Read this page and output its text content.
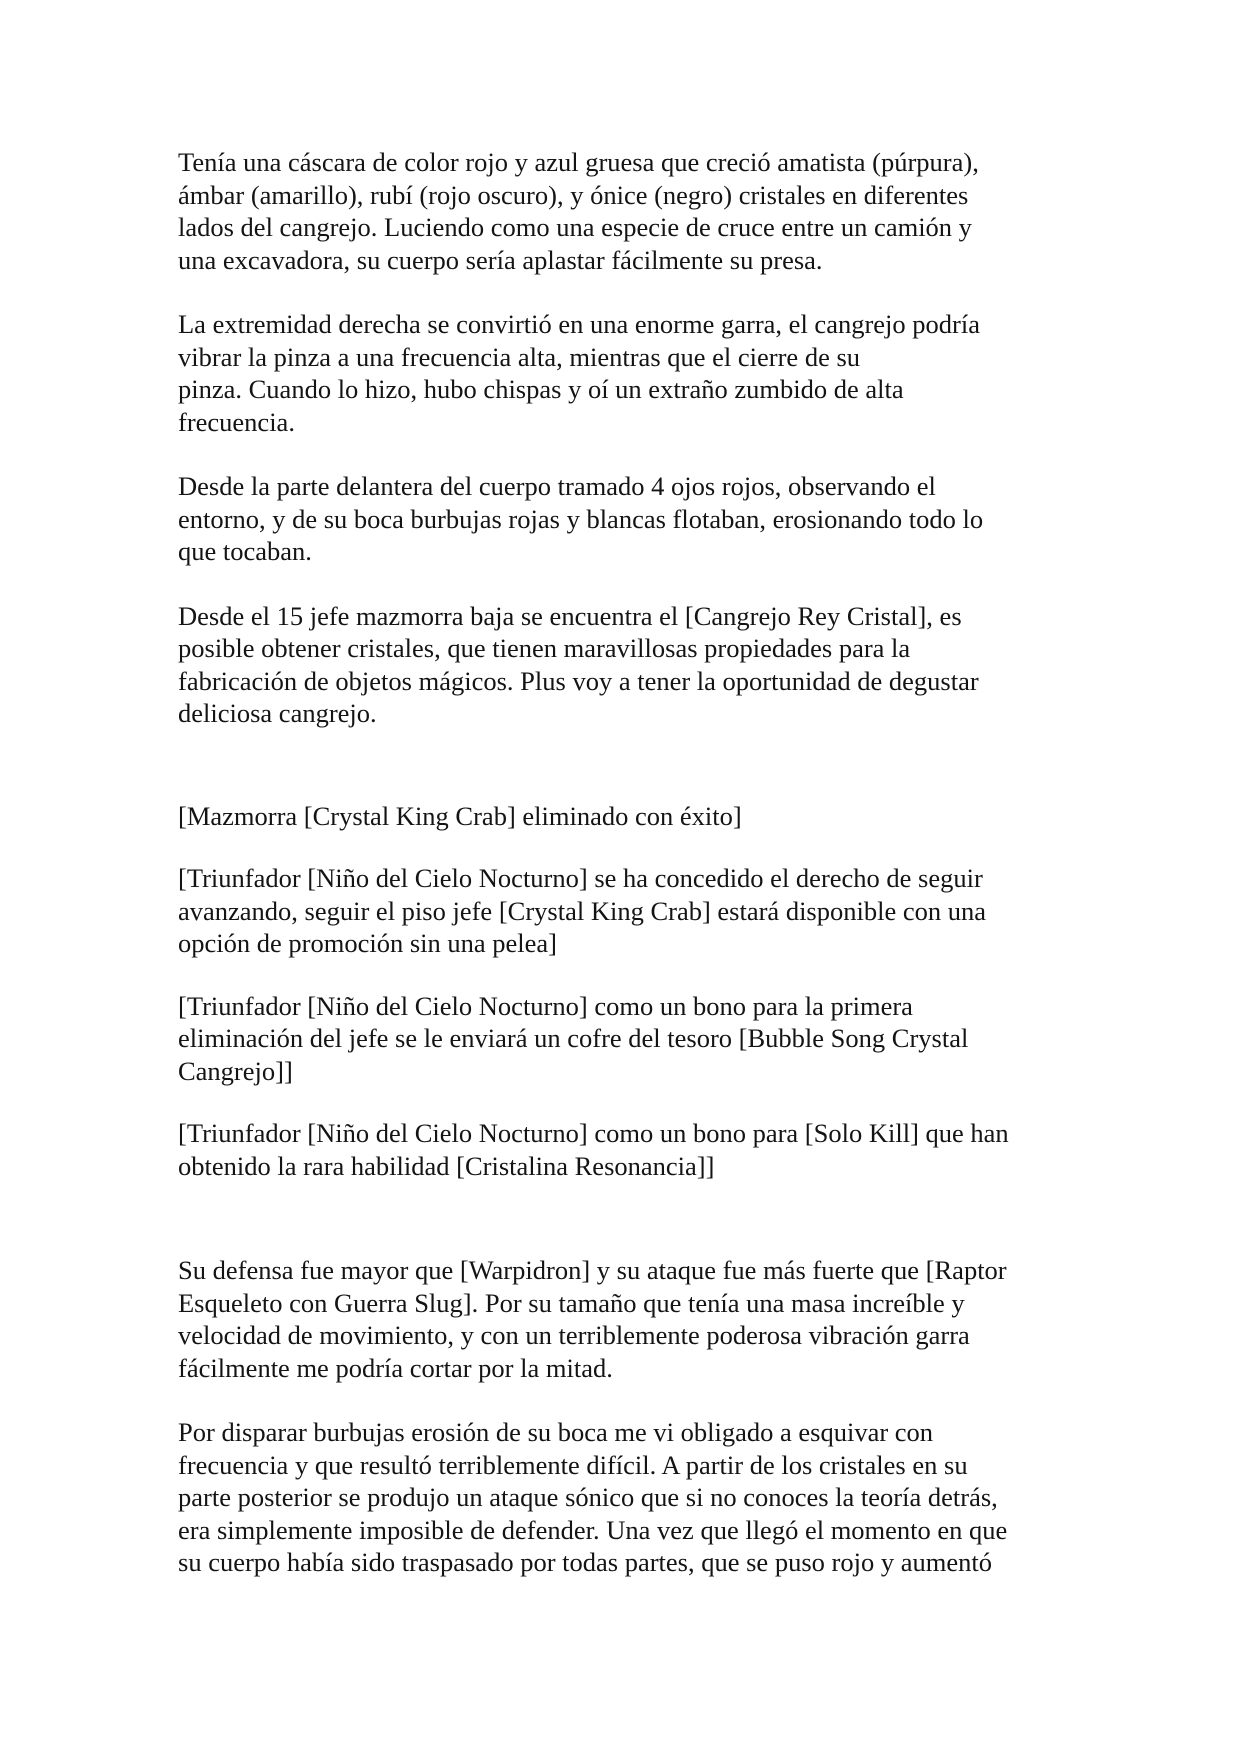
Tenía una cáscara de color rojo y azul gruesa que creció amatista (púrpura),
ámbar (amarillo), rubí (rojo oscuro), y ónice (negro) cristales en diferentes
lados del cangrejo. Luciendo como una especie de cruce entre un camión y
una excavadora, su cuerpo sería aplastar fácilmente su presa.
La extremidad derecha se convirtió en una enorme garra, el cangrejo podría
vibrar la pinza a una frecuencia alta, mientras que el cierre de su
pinza. Cuando lo hizo, hubo chispas y oí un extraño zumbido de alta
frecuencia.
Desde la parte delantera del cuerpo tramado 4 ojos rojos, observando el
entorno, y de su boca burbujas rojas y blancas flotaban, erosionando todo lo
que tocaban.
Desde el 15 jefe mazmorra baja se encuentra el [Cangrejo Rey Cristal], es
posible obtener cristales, que tienen maravillosas propiedades para la
fabricación de objetos mágicos. Plus voy a tener la oportunidad de degustar
deliciosa cangrejo.
[Mazmorra [Crystal King Crab] eliminado con éxito]
[Triunfador [Niño del Cielo Nocturno] se ha concedido el derecho de seguir
avanzando, seguir el piso jefe [Crystal King Crab] estará disponible con una
opción de promoción sin una pelea]
[Triunfador [Niño del Cielo Nocturno] como un bono para la primera
eliminación del jefe se le enviará un cofre del tesoro [Bubble Song Crystal
Cangrejo]]
[Triunfador [Niño del Cielo Nocturno] como un bono para [Solo Kill] que han
obtenido la rara habilidad [Cristalina Resonancia]]
Su defensa fue mayor que [Warpidron] y su ataque fue más fuerte que [Raptor
Esqueleto con Guerra Slug]. Por su tamaño que tenía una masa increíble y
velocidad de movimiento, y con un terriblemente poderosa vibración garra
fácilmente me podría cortar por la mitad.
Por disparar burbujas erosión de su boca me vi obligado a esquivar con
frecuencia y que resultó terriblemente difícil. A partir de los cristales en su
parte posterior se produjo un ataque sónico que si no conoces la teoría detrás,
era simplemente imposible de defender. Una vez que llegó el momento en que
su cuerpo había sido traspasado por todas partes, que se puso rojo y aumentó
